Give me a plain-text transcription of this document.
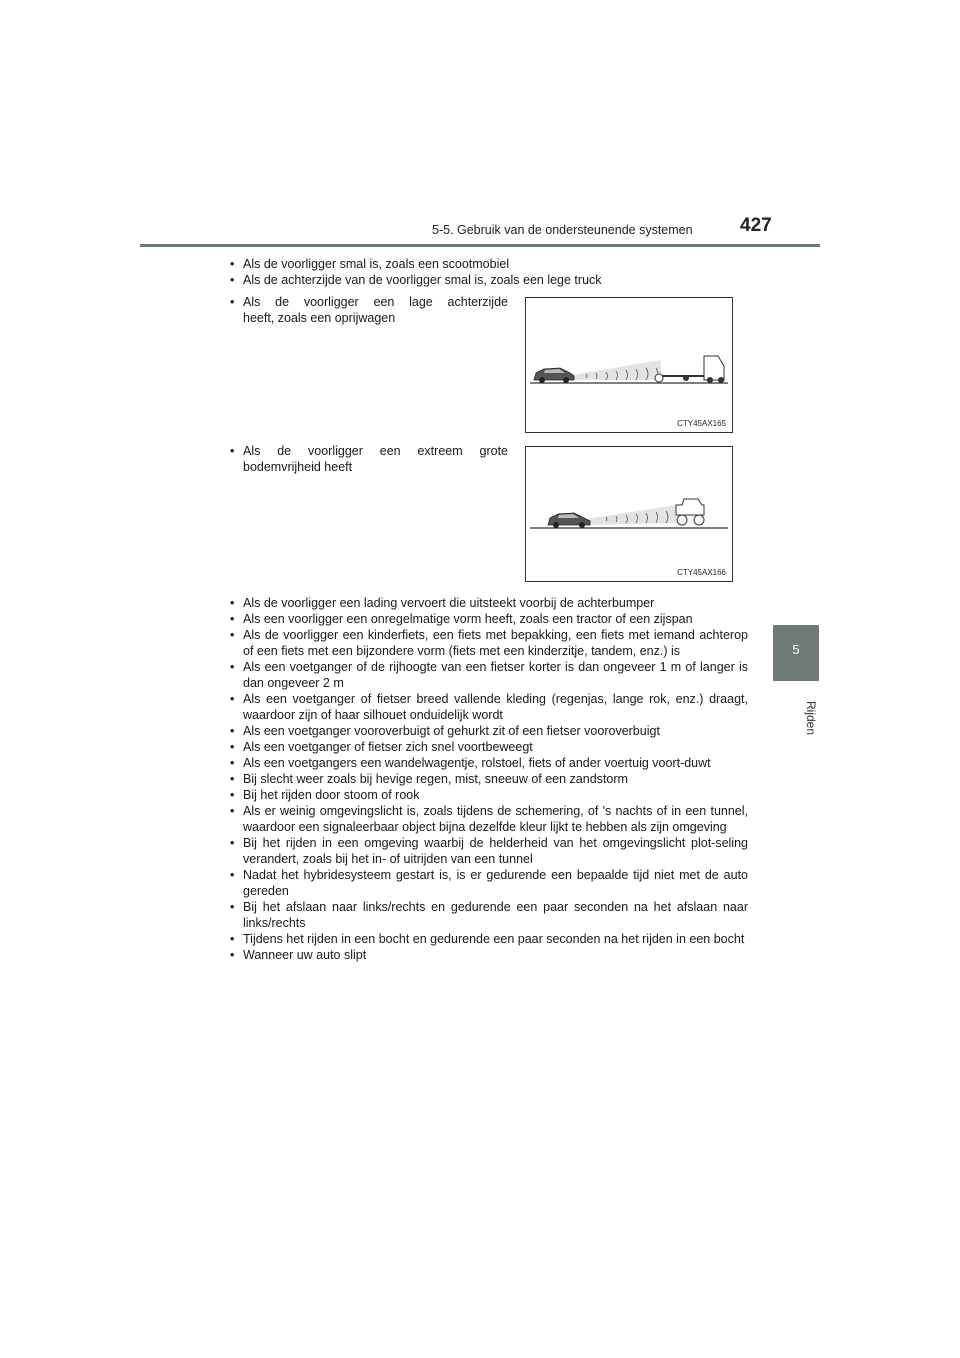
5-5. Gebruik van de ondersteunende systemen 427
5
Rijden
• Als de voorligger smal is, zoals een scootmobiel
• Als de achterzijde van de voorligger smal is, zoals een lege truck
• Als de voorligger een lage achterzijde
heeft, zoals een oprijwagen
CTY45AX165
• Als de voorligger een extreem grote
bodemvrijheid heeft
CTY45AX166
• Als de voorligger een lading vervoert die uitsteekt voorbij de achterbumper
• Als een voorligger een onregelmatige vorm heeft, zoals een tractor of een zijspan
• Als de voorligger een kinderfiets, een fiets met bepakking, een fiets met iemand achterop of een fiets met een bijzondere vorm (fiets met een kinderzitje, tandem, enz.) is
• Als een voetganger of de rijhoogte van een fietser korter is dan ongeveer 1 m of langer is dan ongeveer 2 m
• Als een voetganger of fietser breed vallende kleding (regenjas, lange rok, enz.) draagt, waardoor zijn of haar silhouet onduidelijk wordt
• Als een voetganger vooroverbuigt of gehurkt zit of een fietser vooroverbuigt
• Als een voetganger of fietser zich snel voortbeweegt
• Als een voetgangers een wandelwagentje, rolstoel, fiets of ander voertuig voort-duwt
• Bij slecht weer zoals bij hevige regen, mist, sneeuw of een zandstorm
• Bij het rijden door stoom of rook
• Als er weinig omgevingslicht is, zoals tijdens de schemering, of 's nachts of in een tunnel, waardoor een signaleerbaar object bijna dezelfde kleur lijkt te hebben als zijn omgeving
• Bij het rijden in een omgeving waarbij de helderheid van het omgevingslicht plot-seling verandert, zoals bij het in- of uitrijden van een tunnel
• Nadat het hybridesysteem gestart is, is er gedurende een bepaalde tijd niet met de auto gereden
• Bij het afslaan naar links/rechts en gedurende een paar seconden na het afslaan naar links/rechts
• Tijdens het rijden in een bocht en gedurende een paar seconden na het rijden in een bocht
• Wanneer uw auto slipt
